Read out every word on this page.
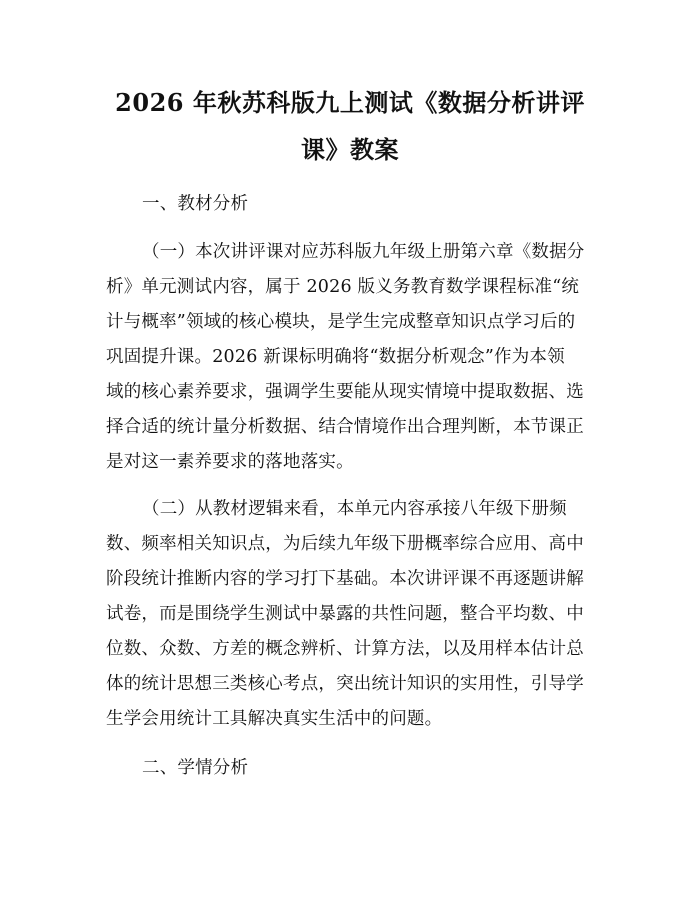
2026 年秋苏科版九上测试《数据分析讲评
课》教案
一、教材分析
（一）本次讲评课对应苏科版九年级上册第六章《数据分
析》单元测试内容，属于 2026 版义务教育数学课程标准“统
计与概率”领域的核心模块，是学生完成整章知识点学习后的
巩固提升课。2026 新课标明确将“数据分析观念”作为本领
域的核心素养要求，强调学生要能从现实情境中提取数据、选
择合适的统计量分析数据、结合情境作出合理判断，本节课正
是对这一素养要求的落地落实。
（二）从教材逻辑来看，本单元内容承接八年级下册频
数、频率相关知识点，为后续九年级下册概率综合应用、高中
阶段统计推断内容的学习打下基础。本次讲评课不再逐题讲解
试卷，而是围绕学生测试中暴露的共性问题，整合平均数、中
位数、众数、方差的概念辨析、计算方法，以及用样本估计总
体的统计思想三类核心考点，突出统计知识的实用性，引导学
生学会用统计工具解决真实生活中的问题。
二、学情分析
